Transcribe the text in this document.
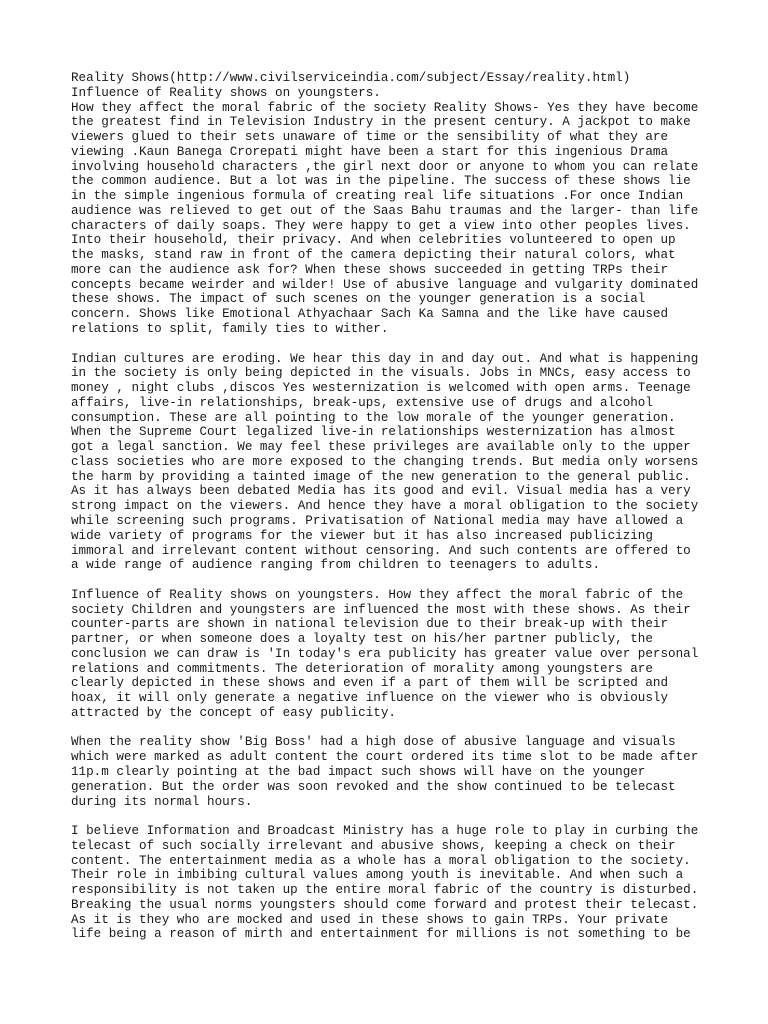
Reality Shows(http://www.civilserviceindia.com/subject/Essay/reality.html)
Influence of Reality shows on youngsters.
How they affect the moral fabric of the society Reality Shows- Yes they have become
the greatest find in Television Industry in the present century. A jackpot to make
viewers glued to their sets unaware of time or the sensibility of what they are
viewing .Kaun Banega Crorepati might have been a start for this ingenious Drama
involving household characters ,the girl next door or anyone to whom you can relate
the common audience. But a lot was in the pipeline. The success of these shows lie
in the simple ingenious formula of creating real life situations .For once Indian
audience was relieved to get out of the Saas Bahu traumas and the larger- than life
characters of daily soaps. They were happy to get a view into other peoples lives.
Into their household, their privacy. And when celebrities volunteered to open up
the masks, stand raw in front of the camera depicting their natural colors, what
more can the audience ask for? When these shows succeeded in getting TRPs their
concepts became weirder and wilder! Use of abusive language and vulgarity dominated
these shows. The impact of such scenes on the younger generation is a social
concern. Shows like Emotional Athyachaar Sach Ka Samna and the like have caused
relations to split, family ties to wither.
Indian cultures are eroding. We hear this day in and day out. And what is happening
in the society is only being depicted in the visuals. Jobs in MNCs, easy access to
money , night clubs ,discos Yes westernization is welcomed with open arms. Teenage
affairs, live-in relationships, break-ups, extensive use of drugs and alcohol
consumption. These are all pointing to the low morale of the younger generation.
When the Supreme Court legalized live-in relationships westernization has almost
got a legal sanction. We may feel these privileges are available only to the upper
class societies who are more exposed to the changing trends. But media only worsens
the harm by providing a tainted image of the new generation to the general public.
As it has always been debated Media has its good and evil. Visual media has a very
strong impact on the viewers. And hence they have a moral obligation to the society
while screening such programs. Privatisation of National media may have allowed a
wide variety of programs for the viewer but it has also increased publicizing
immoral and irrelevant content without censoring. And such contents are offered to
a wide range of audience ranging from children to teenagers to adults.
Influence of Reality shows on youngsters. How they affect the moral fabric of the
society Children and youngsters are influenced the most with these shows. As their
counter-parts are shown in national television due to their break-up with their
partner, or when someone does a loyalty test on his/her partner publicly, the
conclusion we can draw is 'In today's era publicity has greater value over personal
relations and commitments. The deterioration of morality among youngsters are
clearly depicted in these shows and even if a part of them will be scripted and
hoax, it will only generate a negative influence on the viewer who is obviously
attracted by the concept of easy publicity.
When the reality show 'Big Boss' had a high dose of abusive language and visuals
which were marked as adult content the court ordered its time slot to be made after
11p.m clearly pointing at the bad impact such shows will have on the younger
generation. But the order was soon revoked and the show continued to be telecast
during its normal hours.
I believe Information and Broadcast Ministry has a huge role to play in curbing the
telecast of such socially irrelevant and abusive shows, keeping a check on their
content. The entertainment media as a whole has a moral obligation to the society.
Their role in imbibing cultural values among youth is inevitable. And when such a
responsibility is not taken up the entire moral fabric of the country is disturbed.
Breaking the usual norms youngsters should come forward and protest their telecast.
As it is they who are mocked and used in these shows to gain TRPs. Your private
life being a reason of mirth and entertainment for millions is not something to be
